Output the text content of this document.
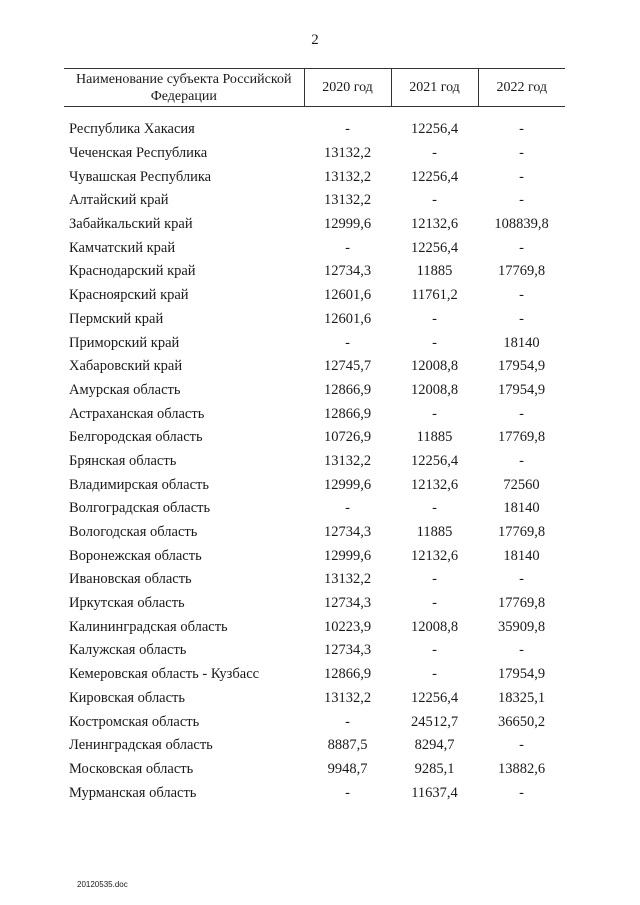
2
Наименование субъекта Российской Федерации	2020 год	2021 год	2022 год

Республика Хакасия	-	12256,4	-
Чеченская Республика	13132,2	-	-
Чувашская Республика	13132,2	12256,4	-
Алтайский край	13132,2	-	-
Забайкальский край	12999,6	12132,6	108839,8
Камчатский край	-	12256,4	-
Краснодарский край	12734,3	11885	17769,8
Красноярский край	12601,6	11761,2	-
Пермский край	12601,6	-	-
Приморский край	-	-	18140
Хабаровский край	12745,7	12008,8	17954,9
Амурская область	12866,9	12008,8	17954,9
Астраханская область	12866,9	-	-
Белгородская область	10726,9	11885	17769,8
Брянская область	13132,2	12256,4	-
Владимирская область	12999,6	12132,6	72560
Волгоградская область	-	-	18140
Вологодская область	12734,3	11885	17769,8
Воронежская область	12999,6	12132,6	18140
Ивановская область	13132,2	-	-
Иркутская область	12734,3	-	17769,8
Калининградская область	10223,9	12008,8	35909,8
Калужская область	12734,3	-	-
Кемеровская область - Кузбасс	12866,9	-	17954,9
Кировская область	13132,2	12256,4	18325,1
Костромская область	-	24512,7	36650,2
Ленинградская область	8887,5	8294,7	-
Московская область	9948,7	9285,1	13882,6
Мурманская область	-	11637,4	-
20120535.doc
